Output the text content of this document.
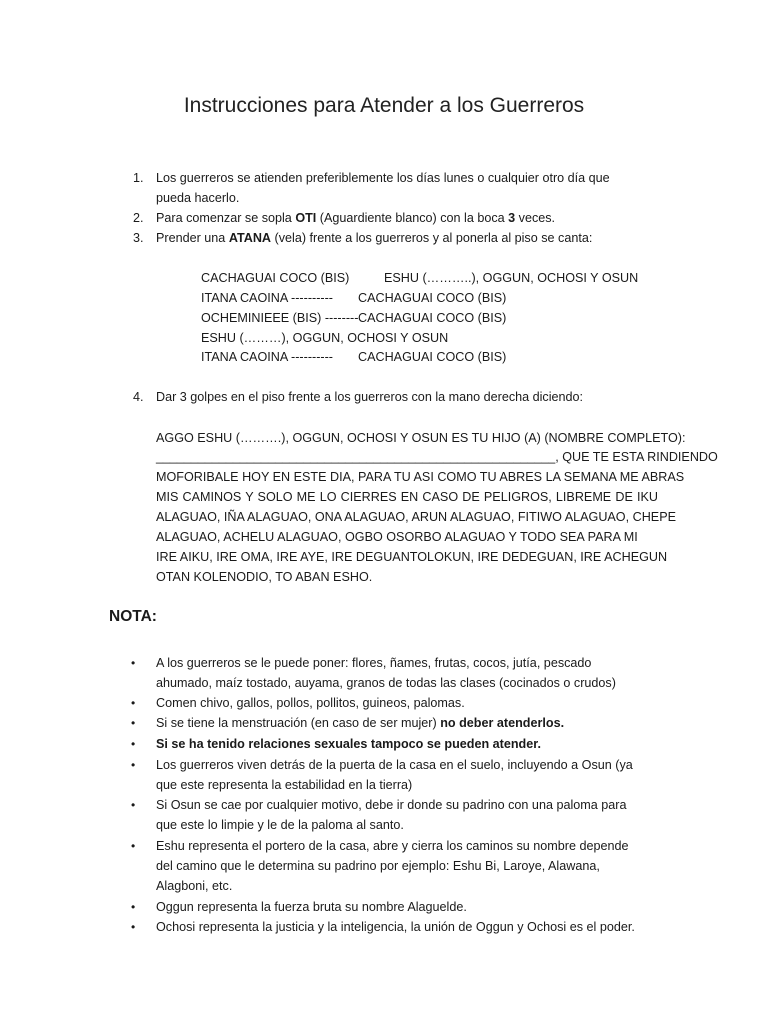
Instrucciones para Atender a los Guerreros
1. Los guerreros se atienden preferiblemente los días lunes o cualquier otro día que
pueda hacerlo.
2. Para comenzar se sopla OTI (Aguardiente blanco) con la boca 3 veces.
3. Prender una ATANA (vela) frente a los guerreros y al ponerla al piso se canta:
CACHAGUAI COCO (BIS)	ESHU (………..), OGGUN, OCHOSI Y OSUN
ITANA CAOINA ---------- CACHAGUAI COCO (BIS)
OCHEMINIEEE (BIS) -------- CACHAGUAI COCO (BIS)
ESHU (………), OGGUN, OCHOSI Y OSUN
ITANA CAOINA ---------- CACHAGUAI COCO (BIS)
4. Dar 3 golpes en el piso frente a los guerreros con la mano derecha diciendo:
AGGO ESHU (……….), OGGUN, OCHOSI Y OSUN ES TU HIJO (A) (NOMBRE COMPLETO):
_________________________________________________________, QUE TE ESTA RINDIENDO
MOFORIBALE HOY EN ESTE DIA, PARA TU ASI COMO TU ABRES LA SEMANA ME ABRAS
MIS CAMINOS Y SOLO ME LO CIERRES EN CASO DE PELIGROS, LIBREME DE IKU
ALAGUAO, IÑA ALAGUAO, ONA ALAGUAO, ARUN ALAGUAO, FITIWO ALAGUAO, CHEPE
ALAGUAO, ACHELU ALAGUAO, OGBO OSORBO ALAGUAO Y TODO SEA PARA MI
IRE AIKU, IRE OMA, IRE AYE, IRE DEGUANTOLOKUN, IRE DEDEGUAN, IRE ACHEGUN
OTAN KOLENODIO, TO ABAN ESHO.
NOTA:
• A los guerreros se le puede poner: flores, ñames, frutas, cocos, jutía, pescado
ahumado, maíz tostado, auyama, granos de todas las clases (cocinados o crudos)
• Comen chivo, gallos, pollos, pollitos, guineos, palomas.
• Si se tiene la menstruación (en caso de ser mujer) no deber atenderlos.
• Si se ha tenido relaciones sexuales tampoco se pueden atender.
• Los guerreros viven detrás de la puerta de la casa en el suelo, incluyendo a Osun (ya
que este representa la estabilidad en la tierra)
• Si Osun se cae por cualquier motivo, debe ir donde su padrino con una paloma para
que este lo limpie y le de la paloma al santo.
• Eshu representa el portero de la casa, abre y cierra los caminos su nombre depende
del camino que le determina su padrino por ejemplo: Eshu Bi, Laroye, Alawana,
Alagboni, etc.
• Oggun representa la fuerza bruta su nombre Alaguelde.
• Ochosi representa la justicia y la inteligencia, la unión de Oggun y Ochosi es el poder.
